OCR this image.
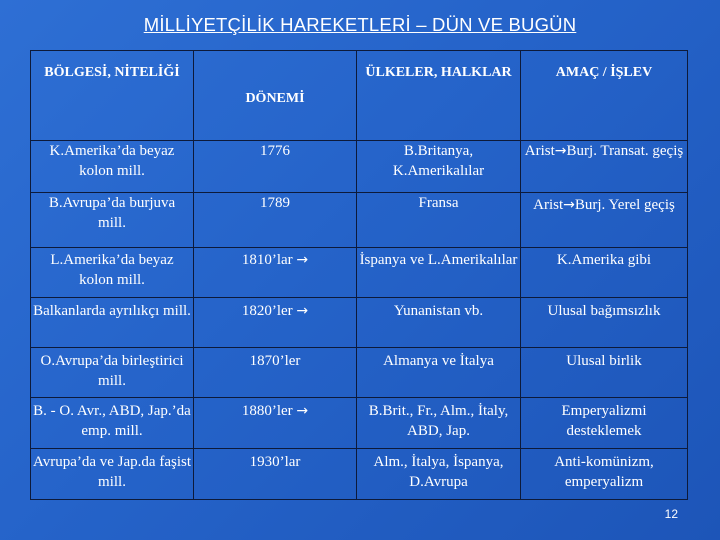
MİLLİYETÇİLİK HAREKETLERİ – DÜN VE BUGÜN
BÖLGESİ, NİTELİĞİ	DÖNEMİ	ÜLKELER, HALKLAR	AMAÇ / İŞLEV
K.Amerika’da beyaz kolon mill.	1776	B.Britanya, K.Amerikalılar	Arist→Burj. Transat. geçiş
B.Avrupa’da burjuva mill.	1789	Fransa	Arist→Burj. Yerel geçiş
L.Amerika’da beyaz kolon mill.	1810’lar →	İspanya ve L.Amerikalılar	K.Amerika gibi
Balkanlarda ayrılıkçı mill.	1820’ler →	Yunanistan vb.	Ulusal bağımsızlık
O.Avrupa’da birleştirici mill.	1870’ler	Almanya ve İtalya	Ulusal birlik
B. - O. Avr., ABD, Jap.’da emp. mill.	1880’ler →	B.Brit., Fr., Alm., İtaly, ABD, Jap.	Emperyalizmi desteklemek
Avrupa’da ve Jap.da faşist mill.	1930’lar	Alm., İtalya, İspanya, D.Avrupa	Anti-komünizm, emperyalizm
12
